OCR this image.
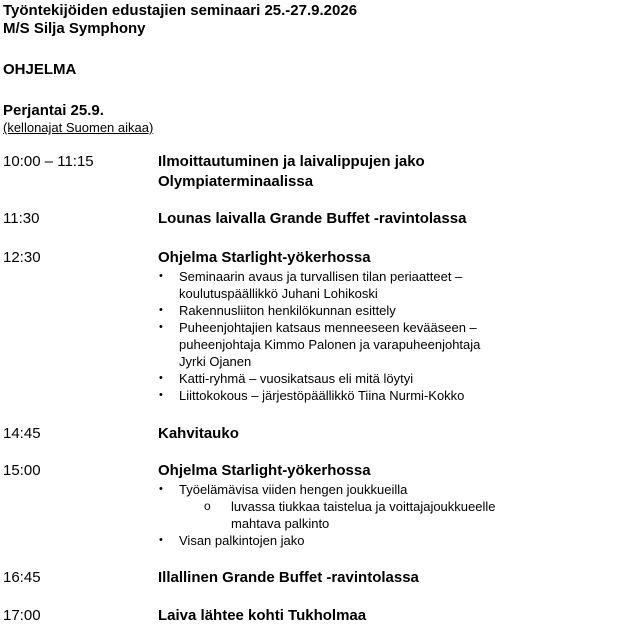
Työntekijöiden edustajien seminaari 25.-27.9.2026
M/S Silja Symphony
OHJELMA
Perjantai 25.9.
(kellonajat Suomen aikaa)
10:00 – 11:15	Ilmoittautuminen ja laivalippujen jako
Olympiaterminaalissa
11:30	Lounas laivalla Grande Buffet -ravintolassa
12:30	Ohjelma Starlight-yökerhossa
• Seminaarin avaus ja turvallisen tilan periaatteet –
koulutuspäällikkö Juhani Lohikoski
• Rakennusliiton henkilökunnan esittely
• Puheenjohtajien katsaus menneeseen kevääseen –
puheenjohtaja Kimmo Palonen ja varapuheenjohtaja
Jyrki Ojanen
• Katti-ryhmä – vuosikatsaus eli mitä löytyi
• Liittokokous – järjestöpäällikkö Tiina Nurmi-Kokko
14:45	Kahvitauko
15:00	Ohjelma Starlight-yökerhossa
• Työelämävisa viiden hengen joukkueilla
o luvassa tiukkaa taistelua ja voittajajoukkueelle
mahtava palkinto
• Visan palkintojen jako
16:45	Illallinen Grande Buffet -ravintolassa
17:00	Laiva lähtee kohti Tukholmaa
